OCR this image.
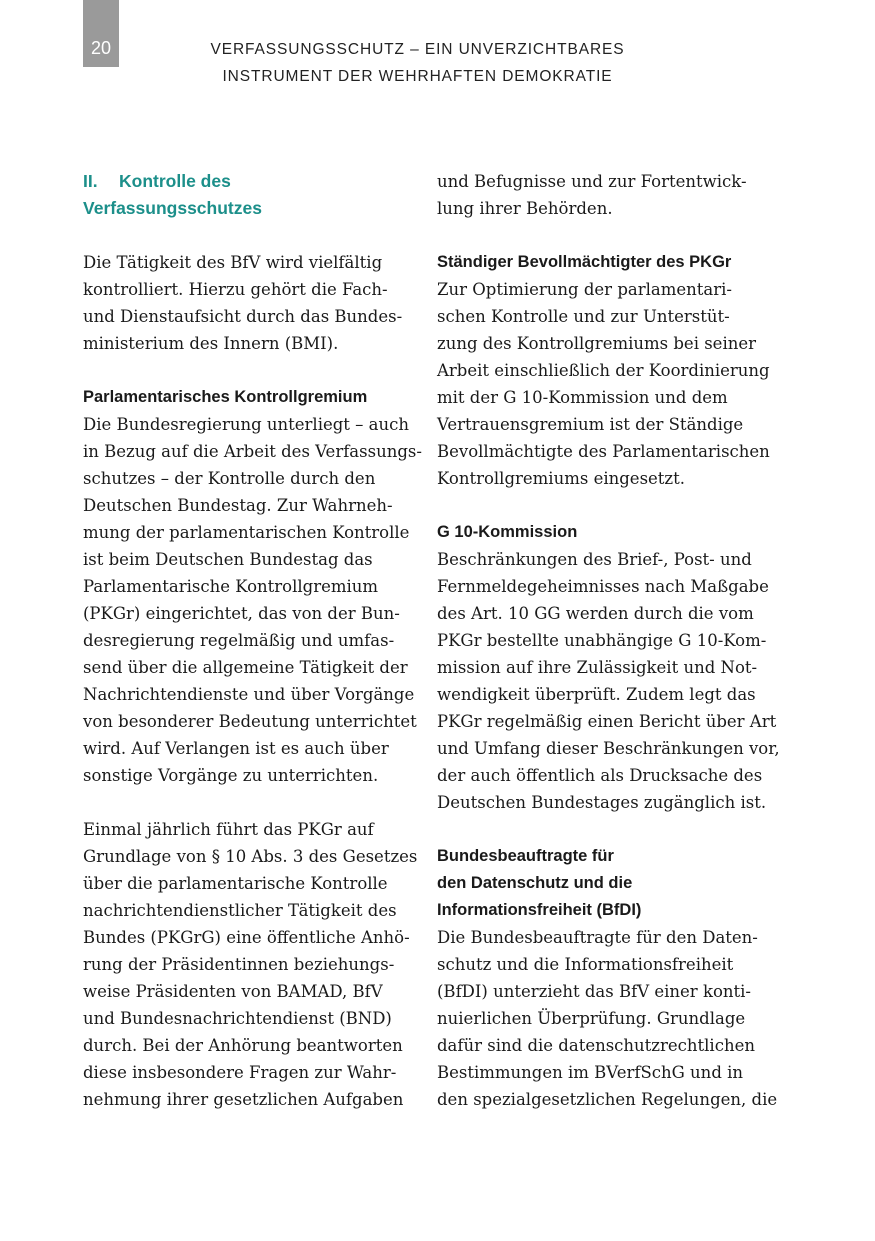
20	VERFASSUNGSSCHUTZ – EIN UNVERZICHTBARES
INSTRUMENT DER WEHRHAFTEN DEMOKRATIE
II. Kontrolle des
Verfassungsschutzes
Die Tätigkeit des BfV wird vielfältig
kontrolliert. Hierzu gehört die Fach-
und Dienstaufsicht durch das Bundes-
ministerium des Innern (BMI).
Parlamentarisches Kontrollgremium
Die Bundesregierung unterliegt – auch
in Bezug auf die Arbeit des Verfassungs-
schutzes – der Kontrolle durch den
Deutschen Bundestag. Zur Wahrneh-
mung der parlamentarischen Kontrolle
ist beim Deutschen Bundestag das
Parlamentarische Kontrollgremium
(PKGr) eingerichtet, das von der Bun-
desregierung regelmäßig und umfas-
send über die allgemeine Tätigkeit der
Nachrichtendienste und über Vorgänge
von besonderer Bedeutung unterrichtet
wird. Auf Verlangen ist es auch über
sonstige Vorgänge zu unterrichten.
Einmal jährlich führt das PKGr auf
Grundlage von § 10 Abs. 3 des Gesetzes
über die parlamentarische Kontrolle
nachrichtendienstlicher Tätigkeit des
Bundes (PKGrG) eine öffentliche Anhö-
rung der Präsidentinnen beziehungs-
weise Präsidenten von BAMAD, BfV
und Bundesnachrichtendienst (BND)
durch. Bei der Anhörung beantworten
diese insbesondere Fragen zur Wahr-
nehmung ihrer gesetzlichen Aufgaben
und Befugnisse und zur Fortentwick-
lung ihrer Behörden.
Ständiger Bevollmächtigter des PKGr
Zur Optimierung der parlamentari-
schen Kontrolle und zur Unterstüt-
zung des Kontrollgremiums bei seiner
Arbeit einschließlich der Koordinierung
mit der G 10-Kommission und dem
Vertrauensgremium ist der Ständige
Bevollmächtigte des Parlamentarischen
Kontrollgremiums eingesetzt.
G 10-Kommission
Beschränkungen des Brief-, Post- und
Fernmeldegeheimnisses nach Maßgabe
des Art. 10 GG werden durch die vom
PKGr bestellte unabhängige G 10-Kom-
mission auf ihre Zulässigkeit und Not-
wendigkeit überprüft. Zudem legt das
PKGr regelmäßig einen Bericht über Art
und Umfang dieser Beschränkungen vor,
der auch öffentlich als Drucksache des
Deutschen Bundestages zugänglich ist.
Bundesbeauftragte für
den Datenschutz und die
Informationsfreiheit (BfDI)
Die Bundesbeauftragte für den Daten-
schutz und die Informationsfreiheit
(BfDI) unterzieht das BfV einer konti-
nuierlichen Überprüfung. Grundlage
dafür sind die datenschutzrechtlichen
Bestimmungen im BVerfSchG und in
den spezialgesetzlichen Regelungen, die
